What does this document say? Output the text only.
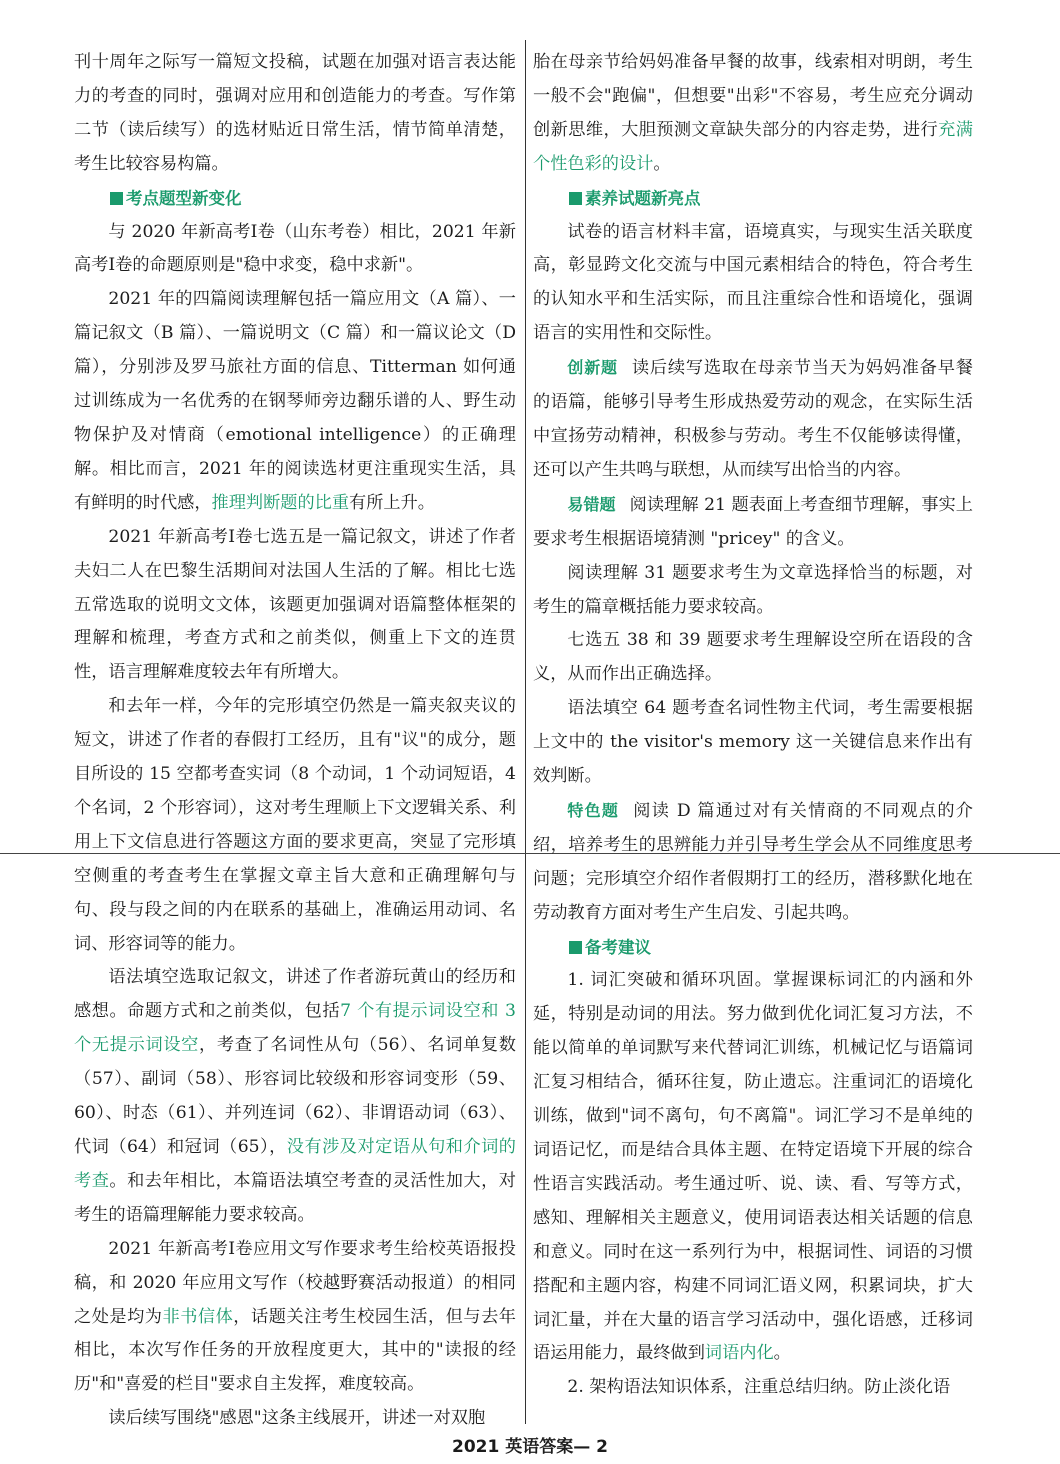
刊十周年之际写一篇短文投稿，试题在加强对语言表达能力的考查的同时，强调对应用和创造能力的考查。写作第二节（读后续写）的选材贴近日常生活，情节简单清楚，考生比较容易构篇。

考点题型新变化

与 2020 年新高考Ⅰ卷（山东考卷）相比，2021 年新高考Ⅰ卷的命题原则是"稳中求变，稳中求新"。

2021 年的四篇阅读理解包括一篇应用文（A 篇）、一篇记叙文（B 篇）、一篇说明文（C 篇）和一篇议论文（D 篇），分别涉及罗马旅社方面的信息、Titterman 如何通过训练成为一名优秀的在钢琴师旁边翻乐谱的人、野生动物保护及对情商（emotional intelligence）的正确理解。相比而言，2021 年的阅读选材更注重现实生活，具有鲜明的时代感，推理判断题的比重有所上升。

2021 年新高考Ⅰ卷七选五是一篇记叙文，讲述了作者夫妇二人在巴黎生活期间对法国人生活的了解。相比七选五常选取的说明文文体，该题更加强调对语篇整体框架的理解和梳理，考查方式和之前类似，侧重上下文的连贯性，语言理解难度较去年有所增大。

和去年一样，今年的完形填空仍然是一篇夹叙夹议的短文，讲述了作者的春假打工经历，且有"议"的成分，题目所设的 15 空都考查实词（8 个动词，1 个动词短语，4 个名词，2 个形容词），这对考生理顺上下文逻辑关系、利用上下文信息进行答题这方面的要求更高，突显了完形填空侧重的考查考生在掌握文章主旨大意和正确理解句与句、段与段之间的内在联系的基础上，准确运用动词、名词、形容词等的能力。

语法填空选取记叙文，讲述了作者游玩黄山的经历和感想。命题方式和之前类似，包括7 个有提示词设空和 3 个无提示词设空，考查了名词性从句（56）、名词单复数（57）、副词（58）、形容词比较级和形容词变形（59、60）、时态（61）、并列连词（62）、非谓语动词（63）、代词（64）和冠词（65），没有涉及对定语从句和介词的考查。和去年相比，本篇语法填空考查的灵活性加大，对考生的语篇理解能力要求较高。

2021 年新高考Ⅰ卷应用文写作要求考生给校英语报投稿，和 2020 年应用文写作（校越野赛活动报道）的相同之处是均为非书信体，话题关注考生校园生活，但与去年相比，本次写作任务的开放程度更大，其中的"读报的经历"和"喜爱的栏目"要求自主发挥，难度较高。

读后续写围绕"感恩"这条主线展开，讲述一对双胞

胎在母亲节给妈妈准备早餐的故事，线索相对明朗，考生一般不会"跑偏"，但想要"出彩"不容易，考生应充分调动创新思维，大胆预测文章缺失部分的内容走势，进行充满个性色彩的设计。

素养试题新亮点

试卷的语言材料丰富，语境真实，与现实生活关联度高，彰显跨文化交流与中国元素相结合的特色，符合考生的认知水平和生活实际，而且注重综合性和语境化，强调语言的实用性和交际性。

创新题 读后续写选取在母亲节当天为妈妈准备早餐的语篇，能够引导考生形成热爱劳动的观念，在实际生活中宣扬劳动精神，积极参与劳动。考生不仅能够读得懂，还可以产生共鸣与联想，从而续写出恰当的内容。

易错题 阅读理解 21 题表面上考查细节理解，事实上要求考生根据语境猜测 "pricey" 的含义。

阅读理解 31 题要求考生为文章选择恰当的标题，对考生的篇章概括能力要求较高。

七选五 38 和 39 题要求考生理解设空所在语段的含义，从而作出正确选择。

语法填空 64 题考查名词性物主代词，考生需要根据上文中的 the visitor's memory 这一关键信息来作出有效判断。

特色题 阅读 D 篇通过对有关情商的不同观点的介绍，培养考生的思辨能力并引导考生学会从不同维度思考问题；完形填空介绍作者假期打工的经历，潜移默化地在劳动教育方面对考生产生启发、引起共鸣。

备考建议

1. 词汇突破和循环巩固。掌握课标词汇的内涵和外延，特别是动词的用法。努力做到优化词汇复习方法，不能以简单的单词默写来代替词汇训练，机械记忆与语篇词汇复习相结合，循环往复，防止遗忘。注重词汇的语境化训练，做到"词不离句，句不离篇"。词汇学习不是单纯的词语记忆，而是结合具体主题、在特定语境下开展的综合性语言实践活动。考生通过听、说、读、看、写等方式，感知、理解相关主题意义，使用词语表达相关话题的信息和意义。同时在这一系列行为中，根据词性、词语的习惯搭配和主题内容，构建不同词汇语义网，积累词块，扩大词汇量，并在大量的语言学习活动中，强化语感，迁移词语运用能力，最终做到词语内化。

2. 架构语法知识体系，注重总结归纳。防止淡化语

2021 英语答案— 2
